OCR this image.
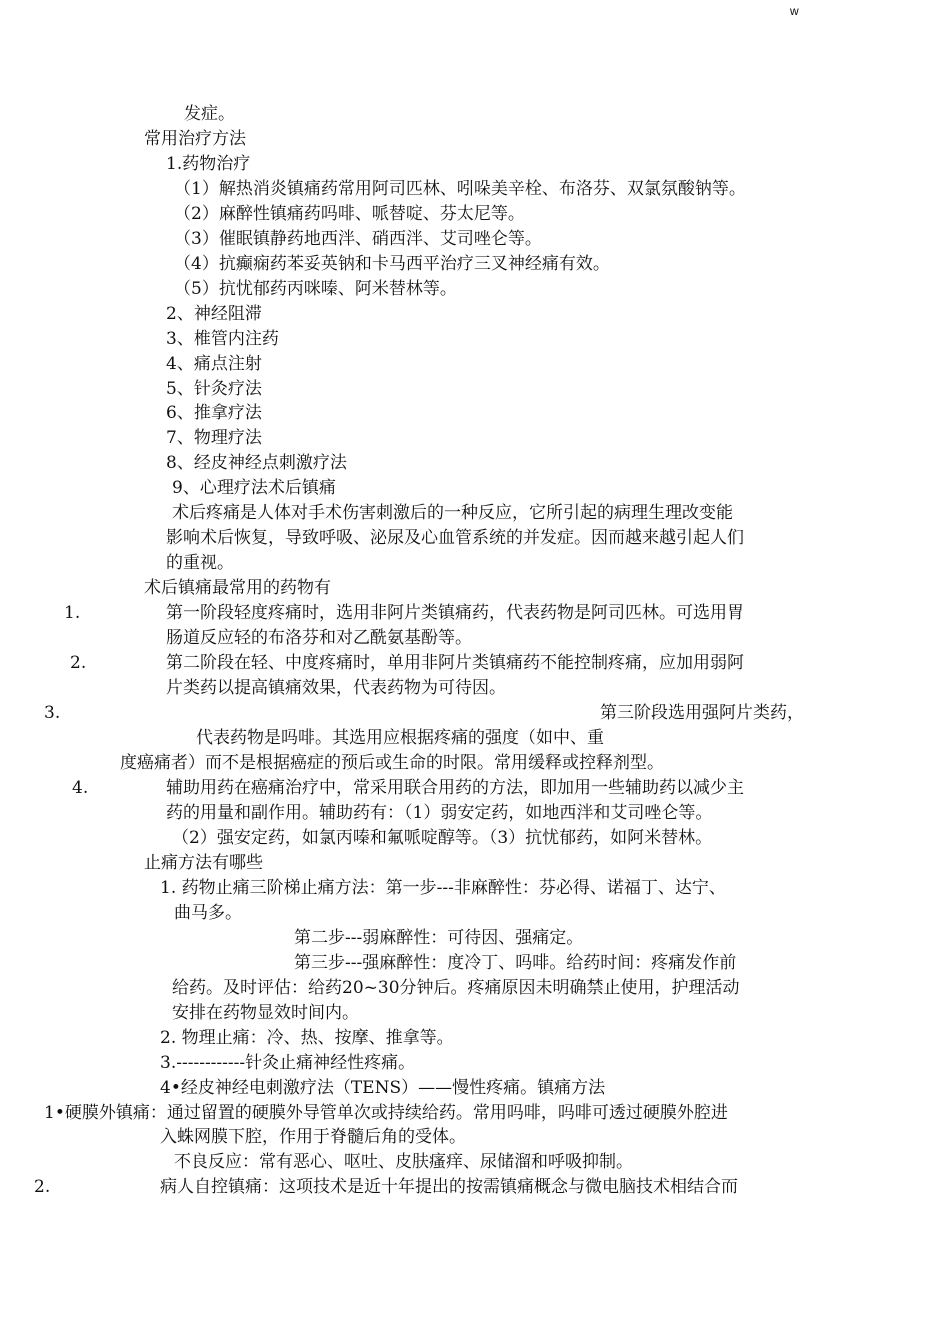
w
发症。
常用治疗方法
1.药物治疗
（1）解热消炎镇痛药常用阿司匹林、吲哚美辛栓、布洛芬、双氯氛酸钠等。
（2）麻醉性镇痛药吗啡、哌替啶、芬太尼等。
（3）催眠镇静药地西泮、硝西泮、艾司唑仑等。
（4）抗癫痫药苯妥英钠和卡马西平治疗三叉神经痛有效。
（5）抗忧郁药丙咪嗪、阿米替林等。
2、神经阻滞
3、椎管内注药
4、痛点注射
5、针灸疗法
6、推拿疗法
7、物理疗法
8、经皮神经点刺激疗法
9、心理疗法术后镇痛
术后疼痛是人体对手术伤害刺激后的一种反应，它所引起的病理生理改变能
影响术后恢复，导致呼吸、泌尿及心血管系统的并发症。因而越来越引起人们
的重视。
术后镇痛最常用的药物有
1.	第一阶段轻度疼痛时，选用非阿片类镇痛药，代表药物是阿司匹林。可选用胃
肠道反应轻的布洛芬和对乙酰氨基酚等。
2.	第二阶段在轻、中度疼痛时，单用非阿片类镇痛药不能控制疼痛，应加用弱阿
片类药以提高镇痛效果，代表药物为可待因。
3.	第三阶段选用强阿片类药，
代表药物是吗啡。其选用应根据疼痛的强度（如中、重
度癌痛者）而不是根据癌症的预后或生命的时限。常用缓释或控释剂型。
4.	辅助用药在癌痛治疗中，常采用联合用药的方法，即加用一些辅助药以减少主
药的用量和副作用。辅助药有：（1）弱安定药，如地西泮和艾司唑仑等。
（2）强安定药，如氯丙嗪和氟哌啶醇等。（3）抗忧郁药，如阿米替林。
止痛方法有哪些
1. 药物止痛三阶梯止痛方法：第一步---非麻醉性：芬必得、诺福丁、达宁、
曲马多。
第二步---弱麻醉性：可待因、强痛定。
第三步---强麻醉性：度冷丁、吗啡。给药时间：疼痛发作前
给药。及时评估：给药20~30分钟后。疼痛原因未明确禁止使用，护理活动
安排在药物显效时间内。
2. 物理止痛：冷、热、按摩、推拿等。
3.------------针灸止痛神经性疼痛。
4•经皮神经电刺激疗法（TENS）——慢性疼痛。镇痛方法
1•硬膜外镇痛：通过留置的硬膜外导管单次或持续给药。常用吗啡，吗啡可透过硬膜外腔进
入蛛网膜下腔，作用于脊髓后角的受体。
不良反应：常有恶心、呕吐、皮肤瘙痒、尿储溜和呼吸抑制。
2.	病人自控镇痛：这项技术是近十年提出的按需镇痛概念与微电脑技术相结合而
